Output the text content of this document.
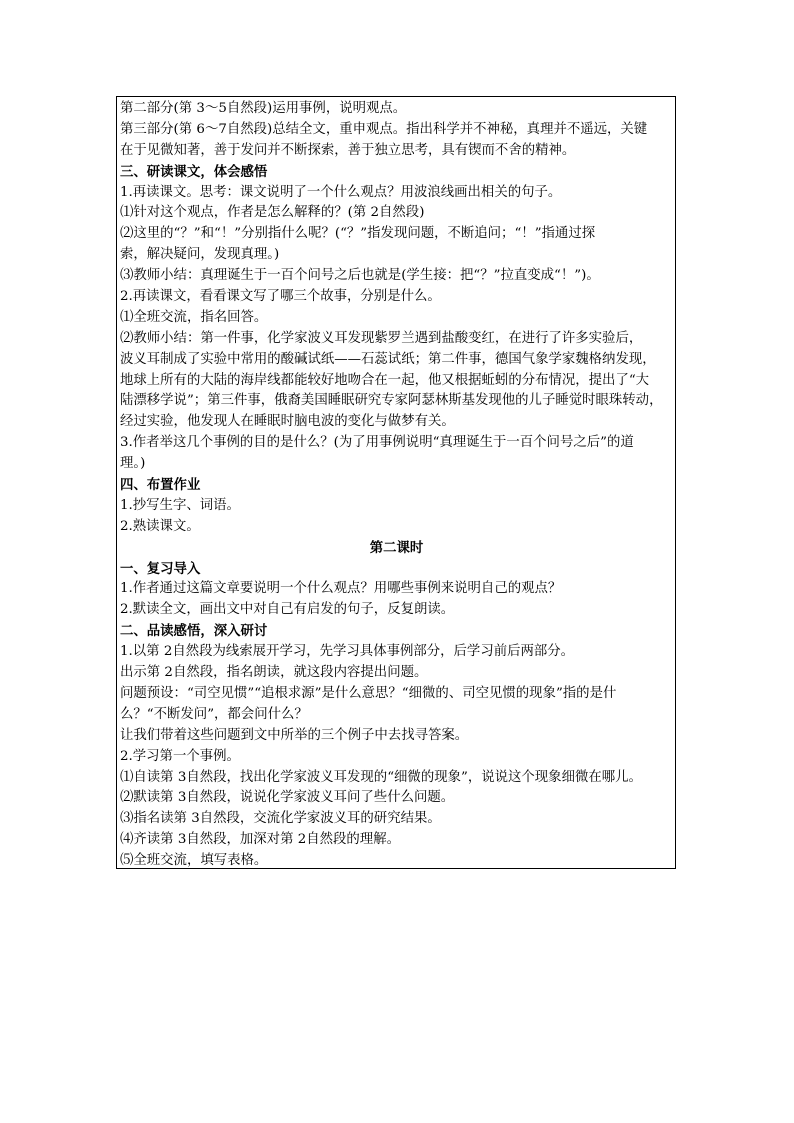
第二部分(第 3～5自然段)运用事例，说明观点。
第三部分(第 6～7自然段)总结全文，重申观点。指出科学并不神秘，真理并不遥远，关键
在于见微知著，善于发问并不断探索，善于独立思考，具有锲而不舍的精神。
三、研读课文，体会感悟
1.再读课文。思考：课文说明了一个什么观点？用波浪线画出相关的句子。
⑴针对这个观点，作者是怎么解释的？(第 2自然段)
⑵这里的“？”和“！”分别指什么呢？(“？”指发现问题，不断追问；“！”指通过探
索，解决疑问，发现真理。)
⑶教师小结：真理诞生于一百个问号之后也就是(学生接：把“？”拉直变成“！”)。
2.再读课文，看看课文写了哪三个故事，分别是什么。
⑴全班交流，指名回答。
⑵教师小结：第一件事，化学家波义耳发现紫罗兰遇到盐酸变红，在进行了许多实验后，
波义耳制成了实验中常用的酸碱试纸——石蕊试纸；第二件事，德国气象学家魏格纳发现，
地球上所有的大陆的海岸线都能较好地吻合在一起，他又根据蚯蚓的分布情况，提出了“大
陆漂移学说”；第三件事，俄裔美国睡眠研究专家阿瑟林斯基发现他的儿子睡觉时眼珠转动，
经过实验，他发现人在睡眠时脑电波的变化与做梦有关。
3.作者举这几个事例的目的是什么？(为了用事例说明“真理诞生于一百个问号之后”的道
理。)
四、布置作业
1.抄写生字、词语。
2.熟读课文。
第二课时
一、复习导入
1.作者通过这篇文章要说明一个什么观点？用哪些事例来说明自己的观点？
2.默读全文，画出文中对自己有启发的句子，反复朗读。
二、品读感悟，深入研讨
1.以第 2自然段为线索展开学习，先学习具体事例部分，后学习前后两部分。
出示第 2自然段，指名朗读，就这段内容提出问题。
问题预设：“司空见惯”“追根求源”是什么意思？“细微的、司空见惯的现象”指的是什
么？“不断发问”，都会问什么？
让我们带着这些问题到文中所举的三个例子中去找寻答案。
2.学习第一个事例。
⑴自读第 3自然段，找出化学家波义耳发现的“细微的现象”，说说这个现象细微在哪儿。
⑵默读第 3自然段，说说化学家波义耳问了些什么问题。
⑶指名读第 3自然段，交流化学家波义耳的研究结果。
⑷齐读第 3自然段，加深对第 2自然段的理解。
⑸全班交流，填写表格。
